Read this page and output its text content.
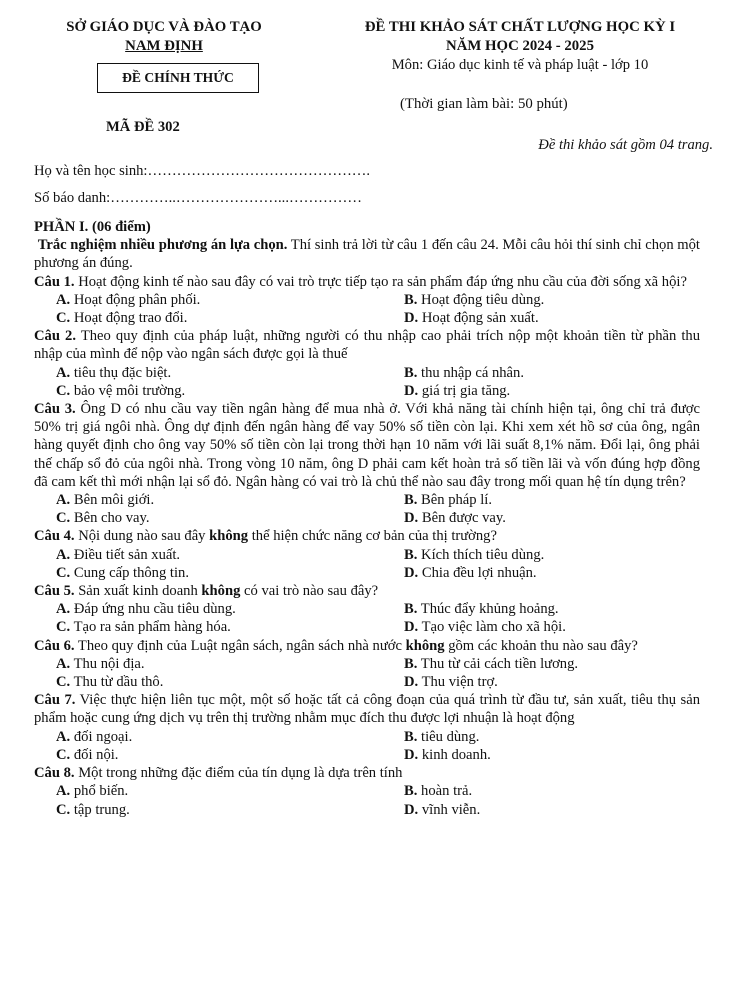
SỞ GIÁO DỤC VÀ ĐÀO TẠO
NAM ĐỊNH
ĐỀ CHÍNH THỨC
ĐỀ THI KHẢO SÁT CHẤT LƯỢNG HỌC KỲ I
NĂM HỌC 2024 - 2025
Môn: Giáo dục kinh tế và pháp luật - lớp 10
(Thời gian làm bài: 50 phút)
MÃ ĐỀ 302
Đề thi khảo sát gồm 04 trang.
Họ và tên học sinh:……………………………………….
Số báo danh:…………..…………………...……………

PHẦN I. (06 điểm)

Trắc nghiệm nhiều phương án lựa chọn. Thí sinh trả lời từ câu 1 đến câu 24. Mỗi câu hỏi thí sinh chỉ chọn một phương án đúng.

Câu 1. Hoạt động kinh tế nào sau đây có vai trò trực tiếp tạo ra sản phẩm đáp ứng nhu cầu của đời sống xã hội?

A. Hoạt động phân phối.	B. Hoạt động tiêu dùng.
C. Hoạt động trao đổi.	D. Hoạt động sản xuất.

Câu 2. Theo quy định của pháp luật, những người có thu nhập cao phải trích nộp một khoản tiền từ phần thu nhập của mình để nộp vào ngân sách được gọi là thuế

A. tiêu thụ đặc biệt.	B. thu nhập cá nhân.
C. bảo vệ môi trường.	D. giá trị gia tăng.

Câu 3. Ông D có nhu cầu vay tiền ngân hàng để mua nhà ở. Với khả năng tài chính hiện tại, ông chỉ trả được 50% trị giá ngôi nhà. Ông dự định đến ngân hàng để vay 50% số tiền còn lại. Khi xem xét hồ sơ của ông, ngân hàng quyết định cho ông vay 50% số tiền còn lại trong thời hạn 10 năm với lãi suất 8,1% năm. Đổi lại, ông phải thế chấp sổ đỏ của ngôi nhà. Trong vòng 10 năm, ông D phải cam kết hoàn trả số tiền lãi và vốn đúng hợp đồng đã cam kết thì mới nhận lại sổ đỏ. Ngân hàng có vai trò là chủ thể nào sau đây trong mối quan hệ tín dụng trên?

A. Bên môi giới.	B. Bên pháp lí.
C. Bên cho vay.	D. Bên được vay.

Câu 4. Nội dung nào sau đây không thể hiện chức năng cơ bản của thị trường?

A. Điều tiết sản xuất.	B. Kích thích tiêu dùng.
C. Cung cấp thông tin.	D. Chia đều lợi nhuận.

Câu 5. Sản xuất kinh doanh không có vai trò nào sau đây?

A. Đáp ứng nhu cầu tiêu dùng.	B. Thúc đẩy khủng hoảng.
C. Tạo ra sản phẩm hàng hóa.	D. Tạo việc làm cho xã hội.

Câu 6. Theo quy định của Luật ngân sách, ngân sách nhà nước không gồm các khoản thu nào sau đây?

A. Thu nội địa.	B. Thu từ cải cách tiền lương.
C. Thu từ dầu thô.	D. Thu viện trợ.

Câu 7. Việc thực hiện liên tục một, một số hoặc tất cả công đoạn của quá trình từ đầu tư, sản xuất, tiêu thụ sản phẩm hoặc cung ứng dịch vụ trên thị trường nhằm mục đích thu được lợi nhuận là hoạt động

A. đối ngoại.	B. tiêu dùng.
C. đối nội.	D. kinh doanh.

Câu 8. Một trong những đặc điểm của tín dụng là dựa trên tính

A. phổ biến.	B. hoàn trả.
C. tập trung.	D. vĩnh viễn.
